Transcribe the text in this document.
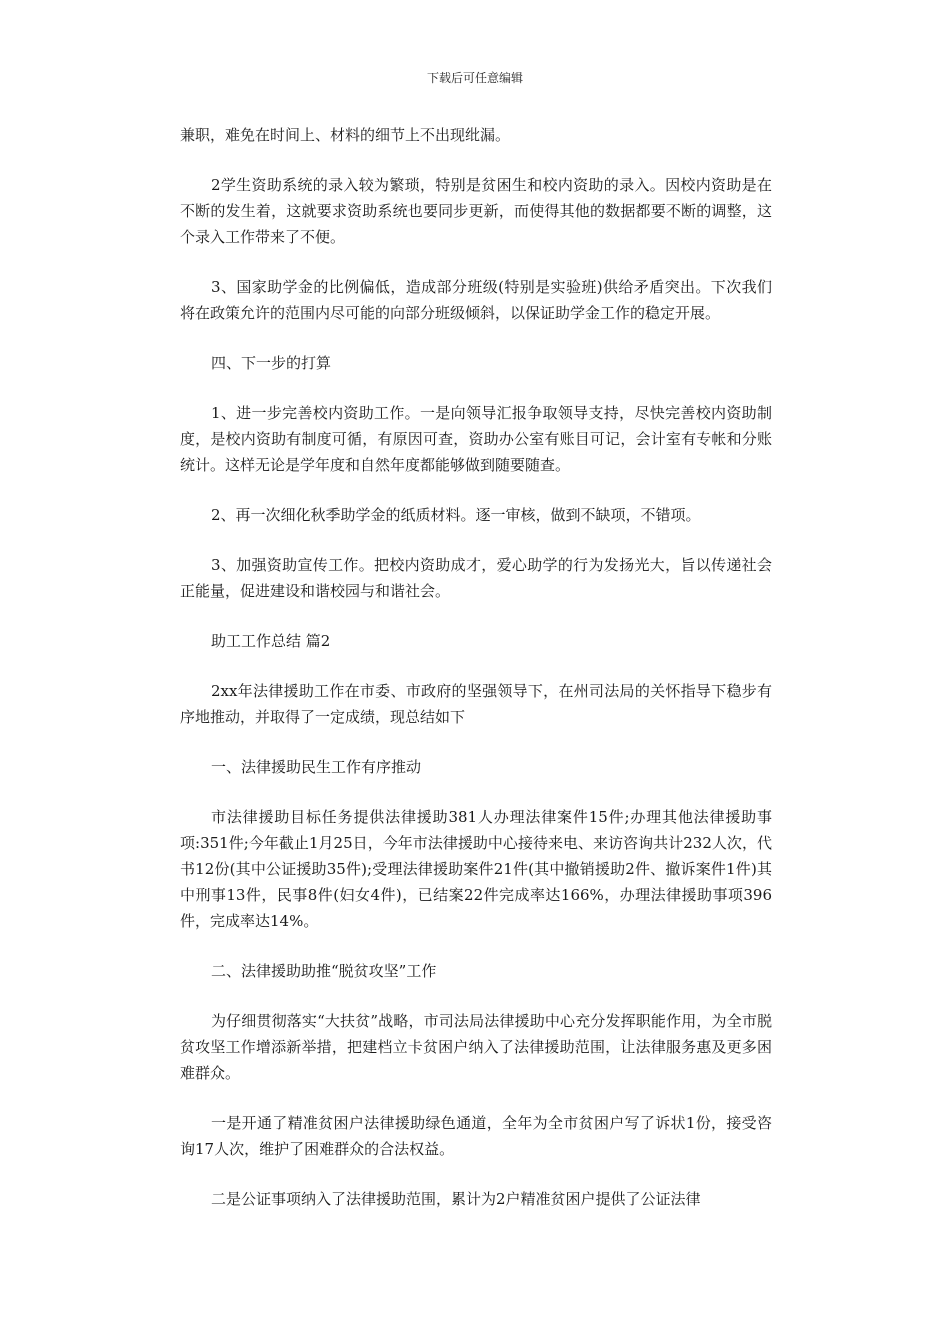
下载后可任意编辑

兼职，难免在时间上、材料的细节上不出现纰漏。

2学生资助系统的录入较为繁琐，特别是贫困生和校内资助的录入。因校内资助是在不断的发生着，这就要求资助系统也要同步更新，而使得其他的数据都要不断的调整，这个录入工作带来了不便。

3、国家助学金的比例偏低，造成部分班级(特别是实验班)供给矛盾突出。下次我们将在政策允许的范围内尽可能的向部分班级倾斜，以保证助学金工作的稳定开展。

四、下一步的打算

1、进一步完善校内资助工作。一是向领导汇报争取领导支持，尽快完善校内资助制度，是校内资助有制度可循，有原因可查，资助办公室有账目可记，会计室有专帐和分账统计。这样无论是学年度和自然年度都能够做到随要随查。

2、再一次细化秋季助学金的纸质材料。逐一审核，做到不缺项，不错项。

3、加强资助宣传工作。把校内资助成才，爱心助学的行为发扬光大，旨以传递社会正能量，促进建设和谐校园与和谐社会。

助工工作总结 篇2

2xx年法律援助工作在市委、市政府的坚强领导下，在州司法局的关怀指导下稳步有序地推动，并取得了一定成绩，现总结如下

一、法律援助民生工作有序推动

市法律援助目标任务提供法律援助381人办理法律案件15件;办理其他法律援助事项:351件;今年截止1月25日，今年市法律援助中心接待来电、来访咨询共计232人次，代书12份(其中公证援助35件);受理法律援助案件21件(其中撤销援助2件、撤诉案件1件)其中刑事13件，民事8件(妇女4件)，已结案22件完成率达166%，办理法律援助事项396件，完成率达14%。

二、法律援助助推“脱贫攻坚”工作

为仔细贯彻落实“大扶贫”战略，市司法局法律援助中心充分发挥职能作用，为全市脱贫攻坚工作增添新举措，把建档立卡贫困户纳入了法律援助范围，让法律服务惠及更多困难群众。

一是开通了精准贫困户法律援助绿色通道，全年为全市贫困户写了诉状1份，接受咨询17人次，维护了困难群众的合法权益。

二是公证事项纳入了法律援助范围，累计为2户精准贫困户提供了公证法律
